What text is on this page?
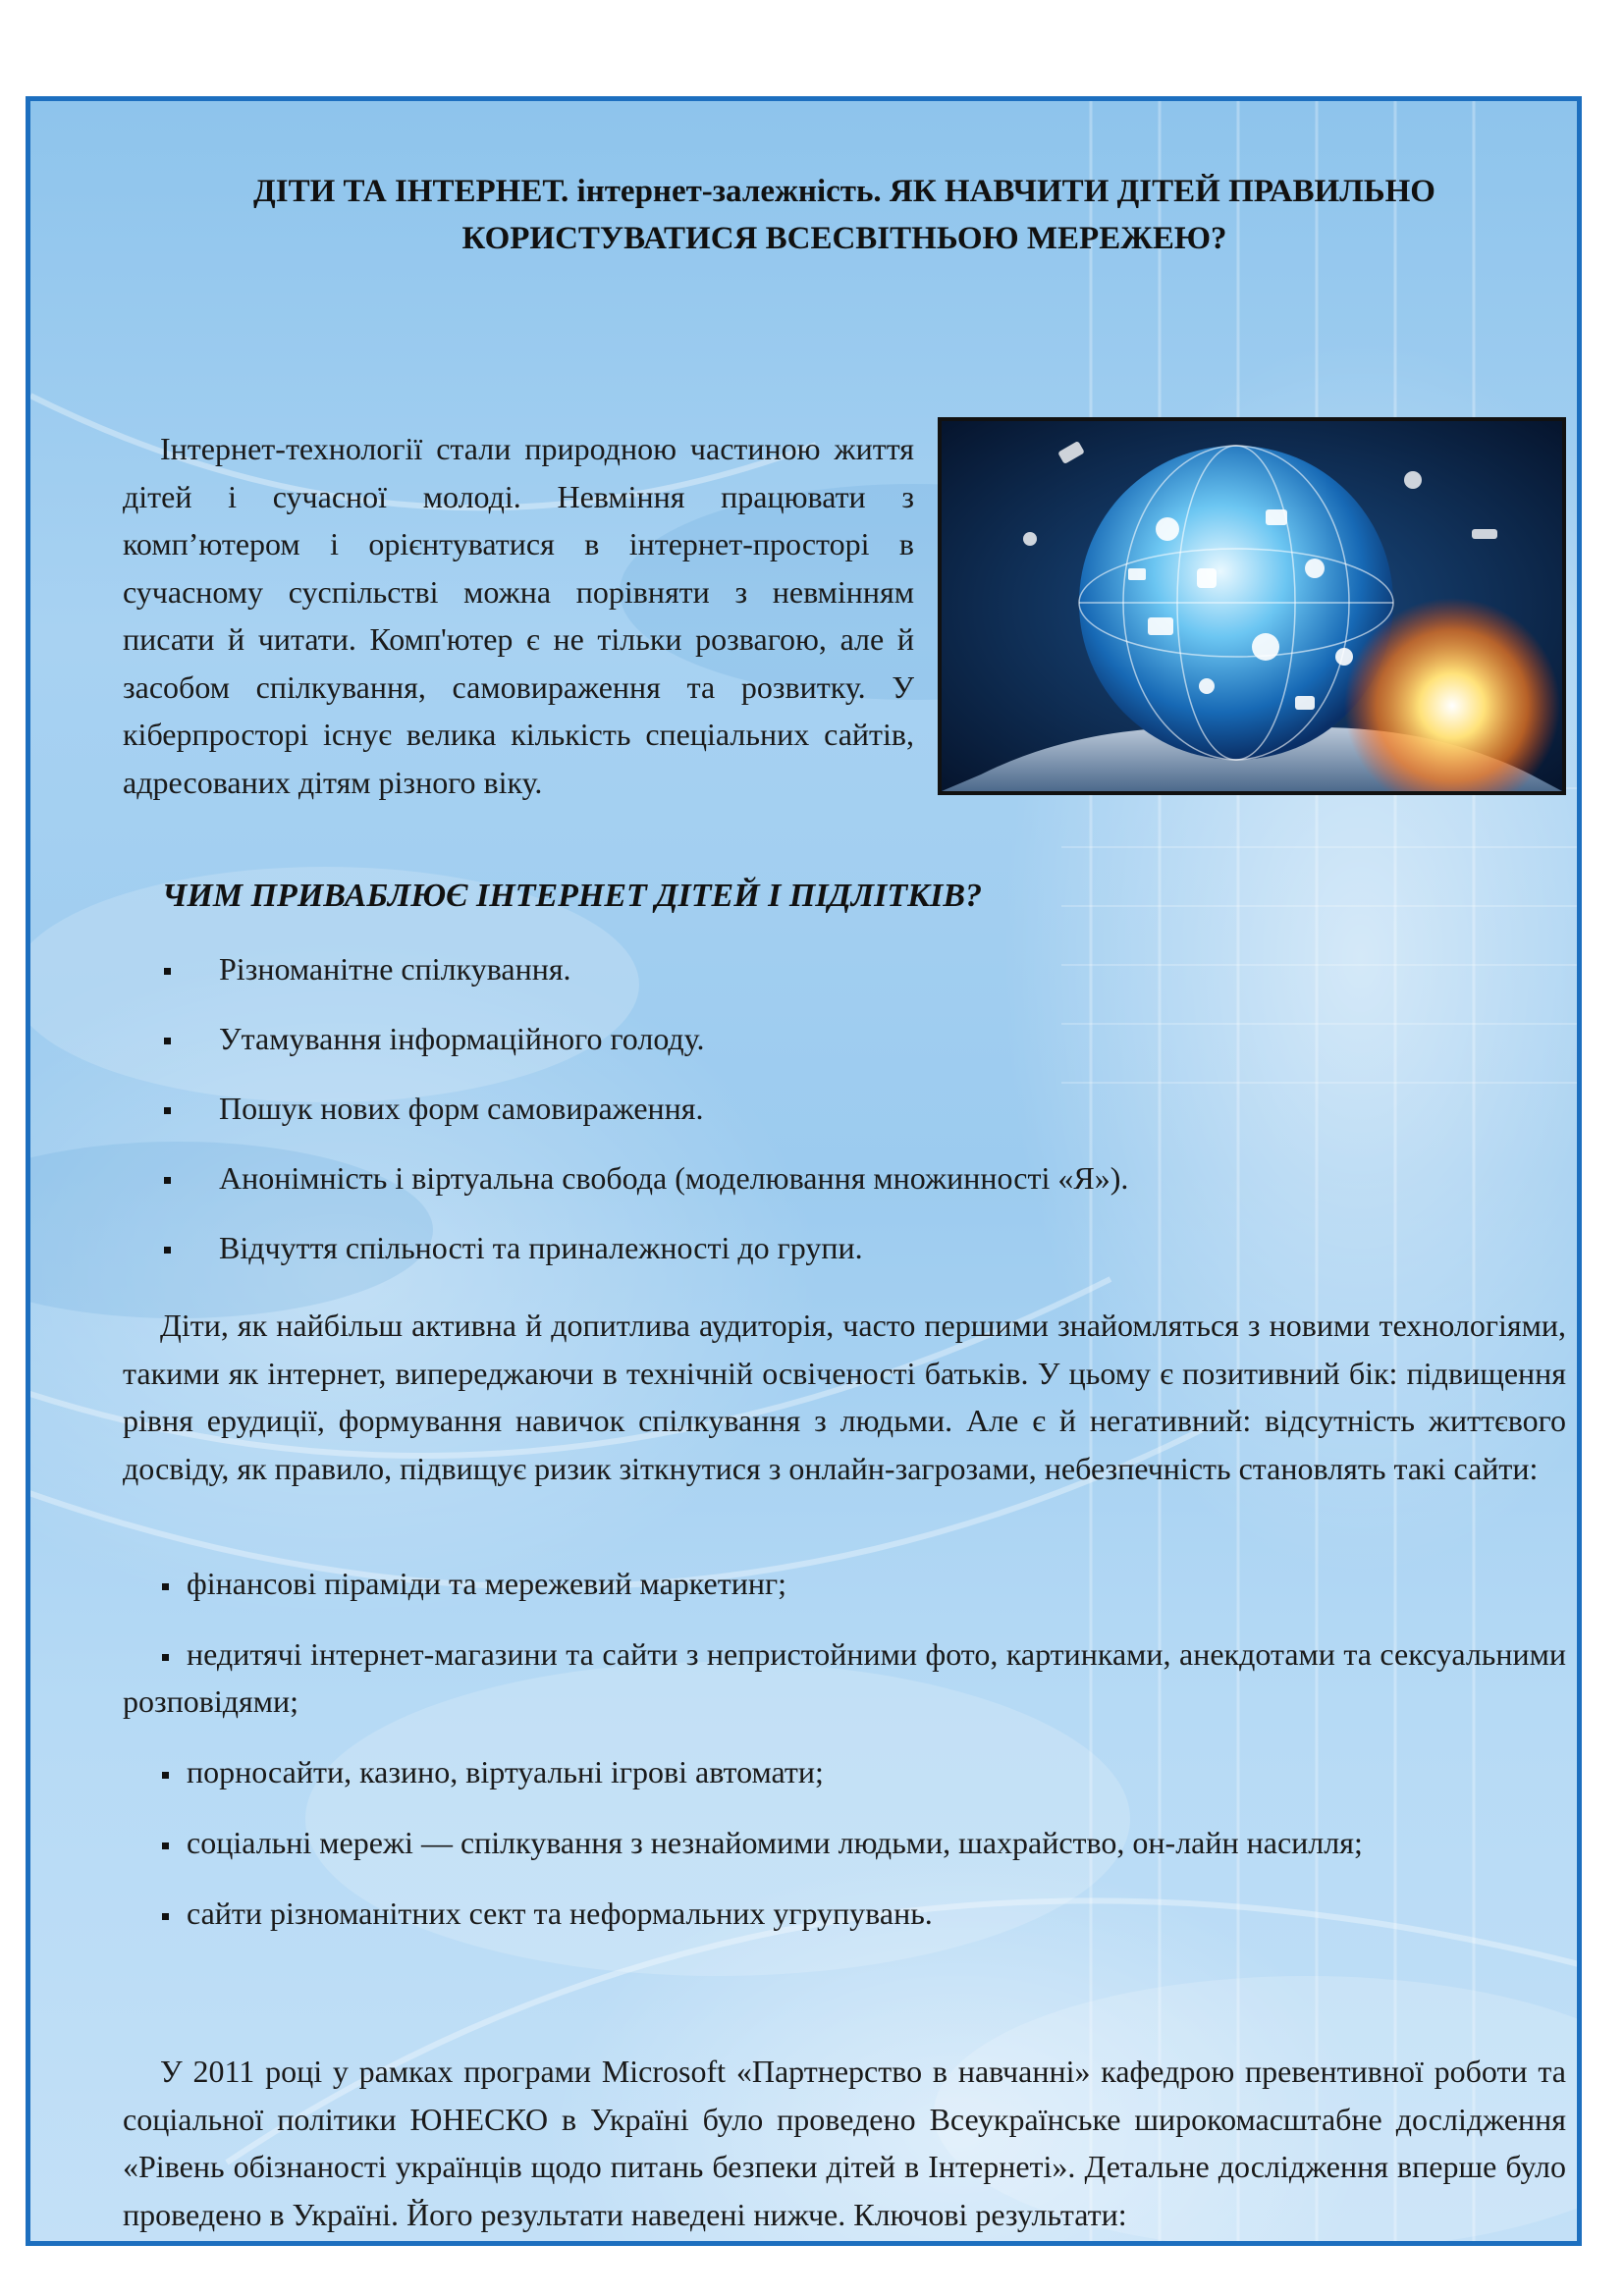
ДІТИ ТА ІНТЕРНЕТ. інтернет-залежність. ЯК НАВЧИТИ ДІТЕЙ ПРАВИЛЬНО КОРИСТУВАТИСЯ ВСЕСВІТНЬОЮ МЕРЕЖЕЮ?

Інтернет-технології стали природною частиною життя дітей і сучасної молоді. Невміння працювати з комп’ютером і орієнтуватися в інтернет-просторі в сучасному суспільстві можна порівняти з невмінням писати й читати. Комп'ютер є не тільки розвагою, але й засобом спілкування, самовираження та розвитку. У кіберпросторі існує велика кількість спеціальних сайтів, адресованих дітям різного віку.

ЧИМ ПРИВАБЛЮЄ ІНТЕРНЕТ ДІТЕЙ І ПІДЛІТКІВ?

Різноманітне спілкування.
Утамування інформаційного голоду.
Пошук нових форм самовираження.
Анонімність і віртуальна свобода (моделювання множинності «Я»).
Відчуття спільності та приналежності до групи.

Діти, як найбільш активна й допитлива аудиторія, часто першими знайомляться з новими технологіями, такими як інтернет, випереджаючи в технічній освіченості батьків. У цьому є позитивний бік: підвищення рівня ерудиції, формування навичок спілкування з людьми. Але є й негативний: відсутність життєвого досвіду, як правило, підвищує ризик зіткнутися з онлайн-загрозами, небезпечність становлять такі сайти:

фінансові піраміди та мережевий маркетинг;
недитячі інтернет-магазини та сайти з непристойними фото, картинками, анекдотами та сексуальними розповідями;
порносайти, казино, віртуальні ігрові автомати;
соціальні мережі — спілкування з незнайомими людьми, шахрайство, он-лайн насилля;
сайти різноманітних сект та неформальних угрупувань.

У 2011 році у рамках програми Microsoft «Партнерство в навчанні» кафедрою превентивної роботи та соціальної політики ЮНЕСКО в Україні було проведено Всеукраїнське широкомасштабне дослідження «Рівень обізнаності українців щодо питань безпеки дітей в Інтернеті». Детальне дослідження вперше було проведено в Україні. Його результати наведені нижче. Ключові результати:
